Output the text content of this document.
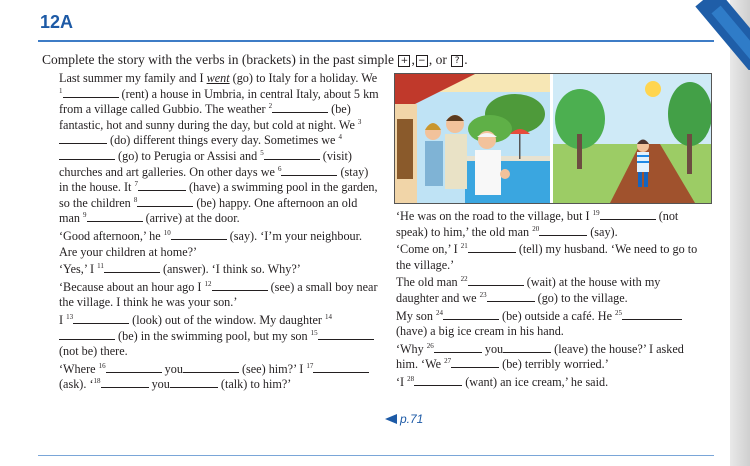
12A
Complete the story with the verbs in (brackets) in the past simple + , − , or ? .

Last summer my family and I went (go) to Italy for a holiday. We $^1$	(rent) a house in Umbria, in central Italy, about 5 km from a village called Gubbio. The weather $^2$	(be) fantastic, hot and sunny during the day, but cold at night. We $^3$ (do) different things every day. Sometimes we $^4$ (go) to Perugia or Assisi and $^5$	(visit) churches and art galleries. On other days we $^6$	(stay) in the house. It $^7$	(have) a swimming pool in the garden, so the children $^8$	(be) happy. One afternoon an old man $^9$	(arrive) at the door.

‘Good afternoon,’ he $^{10}$	(say). ‘I’m your neighbour. Are your children at home?’

‘Yes,’ I $^{11}$	(answer). ‘I think so. Why?’

‘Because about an hour ago I $^{12}$	(see) a small boy near the village. I think he was your son.’

I $^{13}$	(look) out of the window. My daughter $^{14}$ (be) in the swimming pool, but my son $^{15}$ (not be) there.

‘Where $^{16}$	you	(see) him?’ I $^{17}$ (ask). ‘$^{18}$	you	(talk) to him?’

‘He was on the road to the village, but I $^{19}$	(not speak) to him,’ the old man $^{20}$	(say).

‘Come on,’ I $^{21}$	(tell) my husband. ‘We need to go to the village.’

The old man $^{22}$	(wait) at the house with my daughter and we $^{23}$	(go) to the village.

My son $^{24}$	(be) outside a café. He $^{25}$ (have) a big ice cream in his hand.

‘Why $^{26}$	you	(leave) the house?’ I asked him. ‘We $^{27}$	(be) terribly worried.’

‘I $^{28}$	(want) an ice cream,’ he said.

p.71
